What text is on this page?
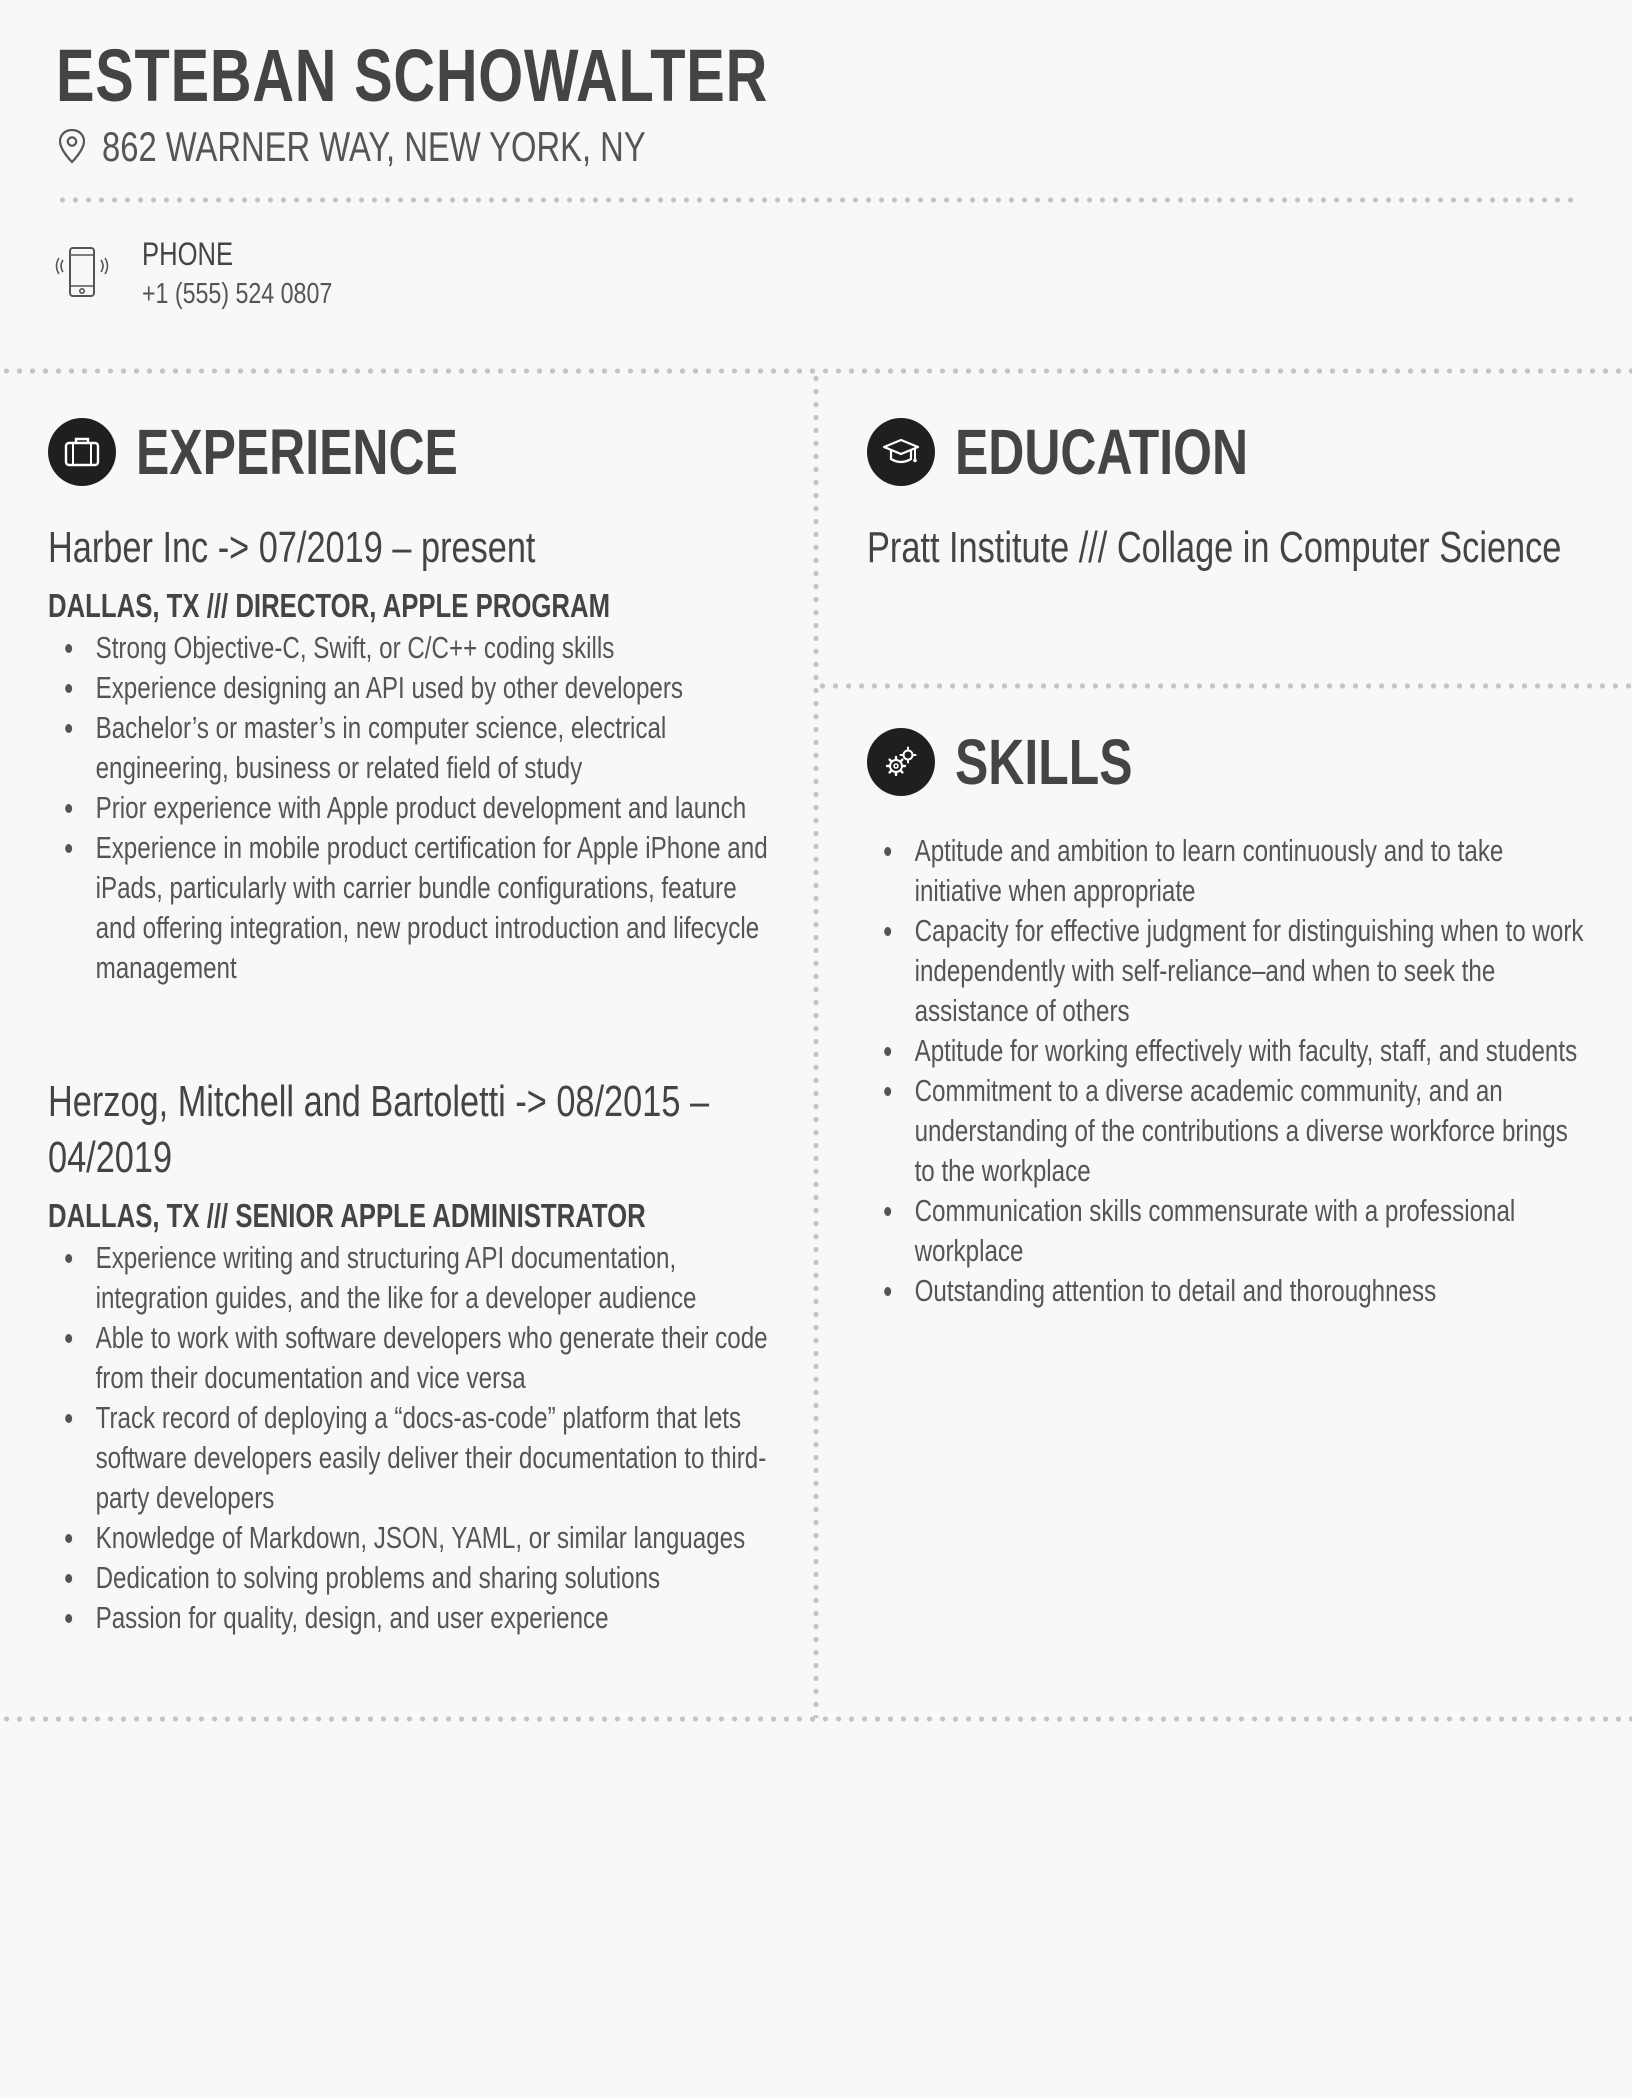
ESTEBAN SCHOWALTER
862 WARNER WAY, NEW YORK, NY
PHONE
+1 (555) 524 0807
EXPERIENCE

Harber Inc -> 07/2019 – present

DALLAS, TX /// DIRECTOR, APPLE PROGRAM

Strong Objective-C, Swift, or C/C++ coding skills
Experience designing an API used by other developers
Bachelor’s or master’s in computer science, electrical engineering, business or related field of study
Prior experience with Apple product development and launch
Experience in mobile product certification for Apple iPhone and iPads, particularly with carrier bundle configurations, feature and offering integration, new product introduction and lifecycle management

Herzog, Mitchell and Bartoletti -> 08/2015 – 04/2019

DALLAS, TX /// SENIOR APPLE ADMINISTRATOR

Experience writing and structuring API documentation, integration guides, and the like for a developer audience
Able to work with software developers who generate their code from their documentation and vice versa
Track record of deploying a “docs-as-code” platform that lets software developers easily deliver their documentation to third-party developers
Knowledge of Markdown, JSON, YAML, or similar languages
Dedication to solving problems and sharing solutions
Passion for quality, design, and user experience
EDUCATION

Pratt Institute /// Collage in Computer Science

SKILLS
Aptitude and ambition to learn continuously and to take initiative when appropriate
Capacity for effective judgment for distinguishing when to work independently with self-reliance–and when to seek the assistance of others
Aptitude for working effectively with faculty, staff, and students
Commitment to a diverse academic community, and an understanding of the contributions a diverse workforce brings to the workplace
Communication skills commensurate with a professional workplace
Outstanding attention to detail and thoroughness
